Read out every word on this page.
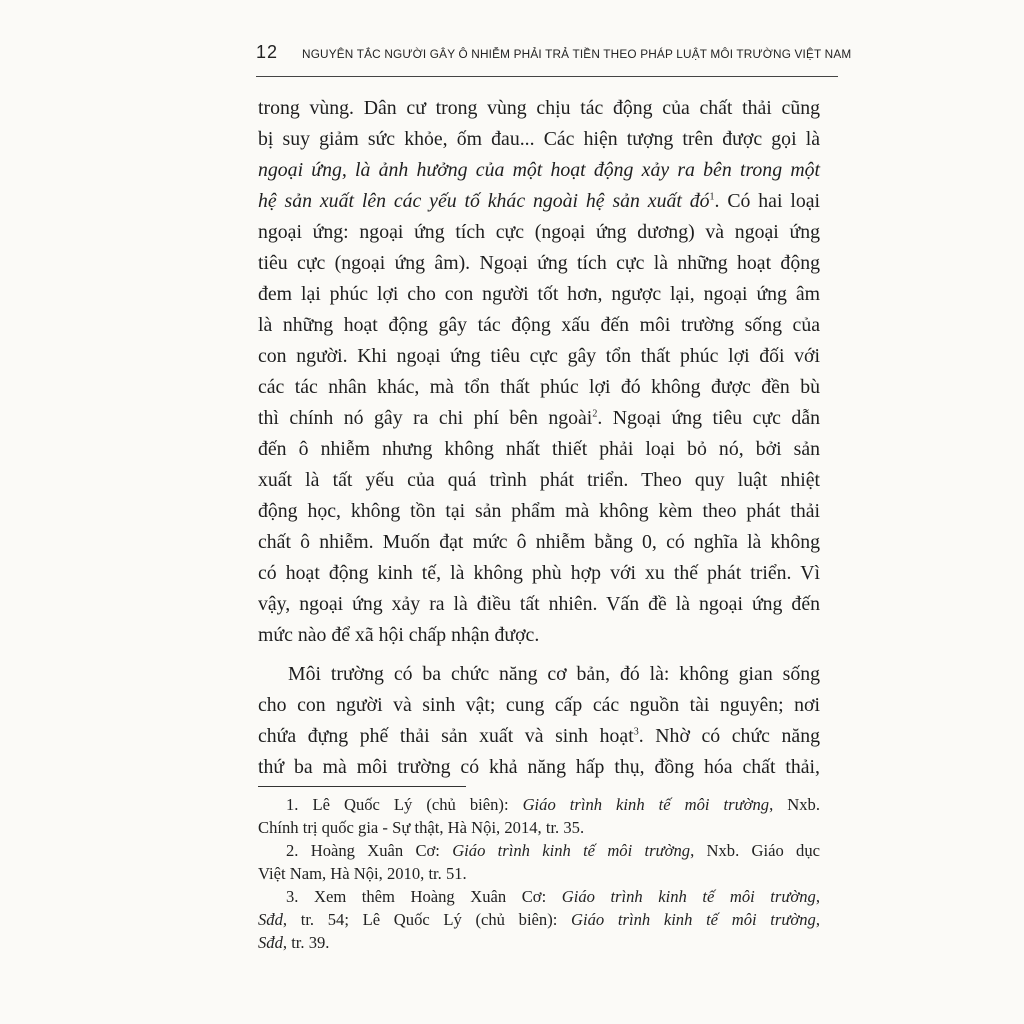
12 NGUYÊN TẮC NGƯỜI GÂY Ô NHIỄM PHẢI TRẢ TIỀN THEO PHÁP LUẬT MÔI TRƯỜNG VIỆT NAM

trong vùng. Dân cư trong vùng chịu tác động của chất thải cũng
bị suy giảm sức khỏe, ốm đau... Các hiện tượng trên được gọi là
ngoại ứng, là ảnh hưởng của một hoạt động xảy ra bên trong một
hệ sản xuất lên các yếu tố khác ngoài hệ sản xuất $đó^1$. Có hai loại
ngoại ứng: ngoại ứng tích cực (ngoại ứng dương) và ngoại ứng
tiêu cực (ngoại ứng âm). Ngoại ứng tích cực là những hoạt động
đem lại phúc lợi cho con người tốt hơn, ngược lại, ngoại ứng âm
là những hoạt động gây tác động xấu đến môi trường sống của
con người. Khi ngoại ứng tiêu cực gây tổn thất phúc lợi đối với
các tác nhân khác, mà tổn thất phúc lợi đó không được đền bù
thì chính nó gây ra chi phí bên ngoài$^2$. Ngoại ứng tiêu cực dẫn
đến ô nhiễm nhưng không nhất thiết phải loại bỏ nó, bởi sản
xuất là tất yếu của quá trình phát triển. Theo quy luật nhiệt
động học, không tồn tại sản phẩm mà không kèm theo phát thải
chất ô nhiễm. Muốn đạt mức ô nhiễm bằng 0, có nghĩa là không
có hoạt động kinh tế, là không phù hợp với xu thế phát triển. Vì
vậy, ngoại ứng xảy ra là điều tất nhiên. Vấn đề là ngoại ứng đến
mức nào để xã hội chấp nhận được.

Môi trường có ba chức năng cơ bản, đó là: không gian sống
cho con người và sinh vật; cung cấp các nguồn tài nguyên; nơi
chứa đựng phế thải sản xuất và sinh hoạt$^3$. Nhờ có chức năng
thứ ba mà môi trường có khả năng hấp thụ, đồng hóa chất thải,

1. Lê Quốc Lý (chủ biên): Giáo trình kinh tế môi trường, Nxb.
Chính trị quốc gia - Sự thật, Hà Nội, 2014, tr. 35.
2. Hoàng Xuân Cơ: Giáo trình kinh tế môi trường, Nxb. Giáo dục
Việt Nam, Hà Nội, 2010, tr. 51.
3. Xem thêm Hoàng Xuân Cơ: Giáo trình kinh tế môi trường,
Sđd, tr. 54; Lê Quốc Lý (chủ biên): Giáo trình kinh tế môi trường,
Sđd, tr. 39.
